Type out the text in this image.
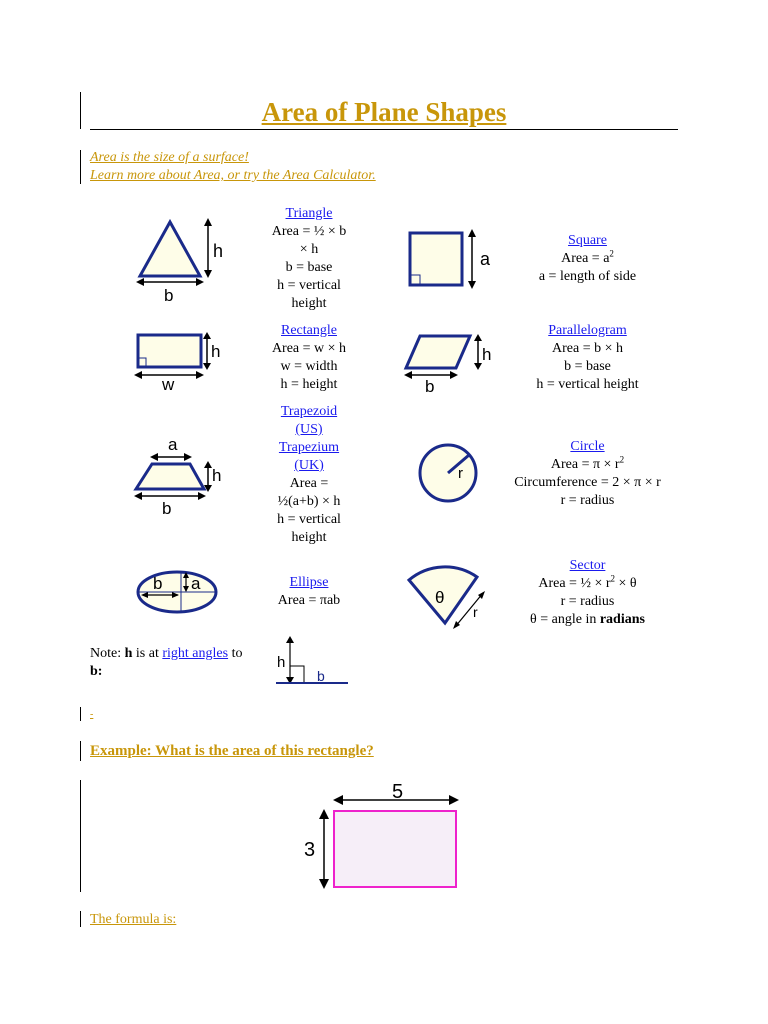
Area of Plane Shapes
Area is the size of a surface!
Learn more about Area, or try the Area Calculator.
h
b
Triangle
Area = ½ × b
× h
b = base
h = vertical
height
a
Square
Area = $a^2$
a = length of side
h
w
Rectangle
Area = w × h
w = width
h = height
h
b
Parallelogram
Area = b × h
b = base
h = vertical height
a
h
b
Trapezoid
(US)
Trapezium
(UK)
Area =
½(a+b) × h
h = vertical
height
r
Circle
Area = $\pi \times r^2$
Circumference = 2 × π × r
r = radius
b a	Ellipse
Area = πab	θ
r
Sector
Area = ½ × $r^2 \times \theta$
r = radius
θ = angle in radians
Note: h is at right angles to
b:
h
b
-
Example: What is the area of this rectangle?
5
3
The formula is:
